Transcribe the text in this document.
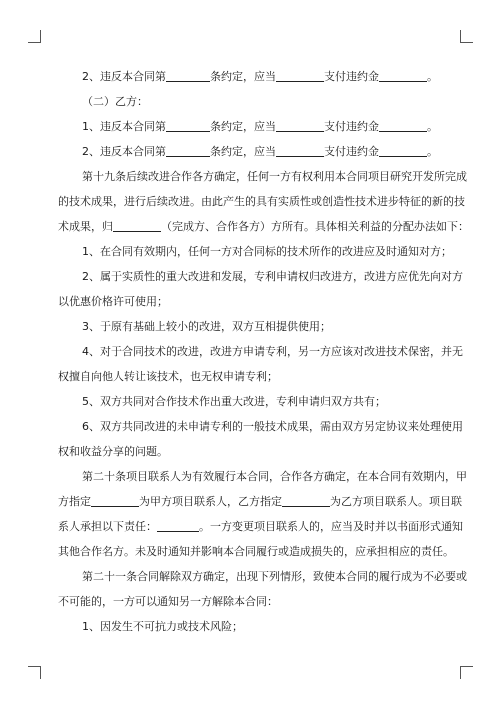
2、违反本合同第	条约定，应当	支付违约金	。
（二）乙方：
1、违反本合同第	条约定，应当	支付违约金	。
2、违反本合同第	条约定，应当	支付违约金	。
第十九条后续改进合作各方确定，任何一方有权利用本合同项目研究开发所完成
的技术成果，进行后续改进。由此产生的具有实质性或创造性技术进步特征的新的技
术成果，归	（完成方、合作各方）方所有。具体相关利益的分配办法如下：
1、在合同有效期内，任何一方对合同标的技术所作的改进应及时通知对方；
2、属于实质性的重大改进和发展，专利申请权归改进方，改进方应优先向对方
以优惠价格许可使用；
3、于原有基础上较小的改进，双方互相提供使用；
4、对于合同技术的改进，改进方申请专利，另一方应该对改进技术保密，并无
权擅自向他人转让该技术，也无权申请专利；
5、双方共同对合作技术作出重大改进，专利申请归双方共有；
6、双方共同改进的未申请专利的一般技术成果，需由双方另定协议来处理使用
权和收益分享的问题。
第二十条项目联系人为有效履行本合同，合作各方确定，在本合同有效期内，甲
方指定	为甲方项目联系人，乙方指定	为乙方项目联系人。项目联
系人承担以下责任：	。一方变更项目联系人的，应当及时并以书面形式通知
其他合作名方。未及时通知并影响本合同履行或造成损失的，应承担相应的责任。
第二十一条合同解除双方确定，出现下列情形，致使本合同的履行成为不必要或
不可能的，一方可以通知另一方解除本合同：
1、因发生不可抗力或技术风险；
